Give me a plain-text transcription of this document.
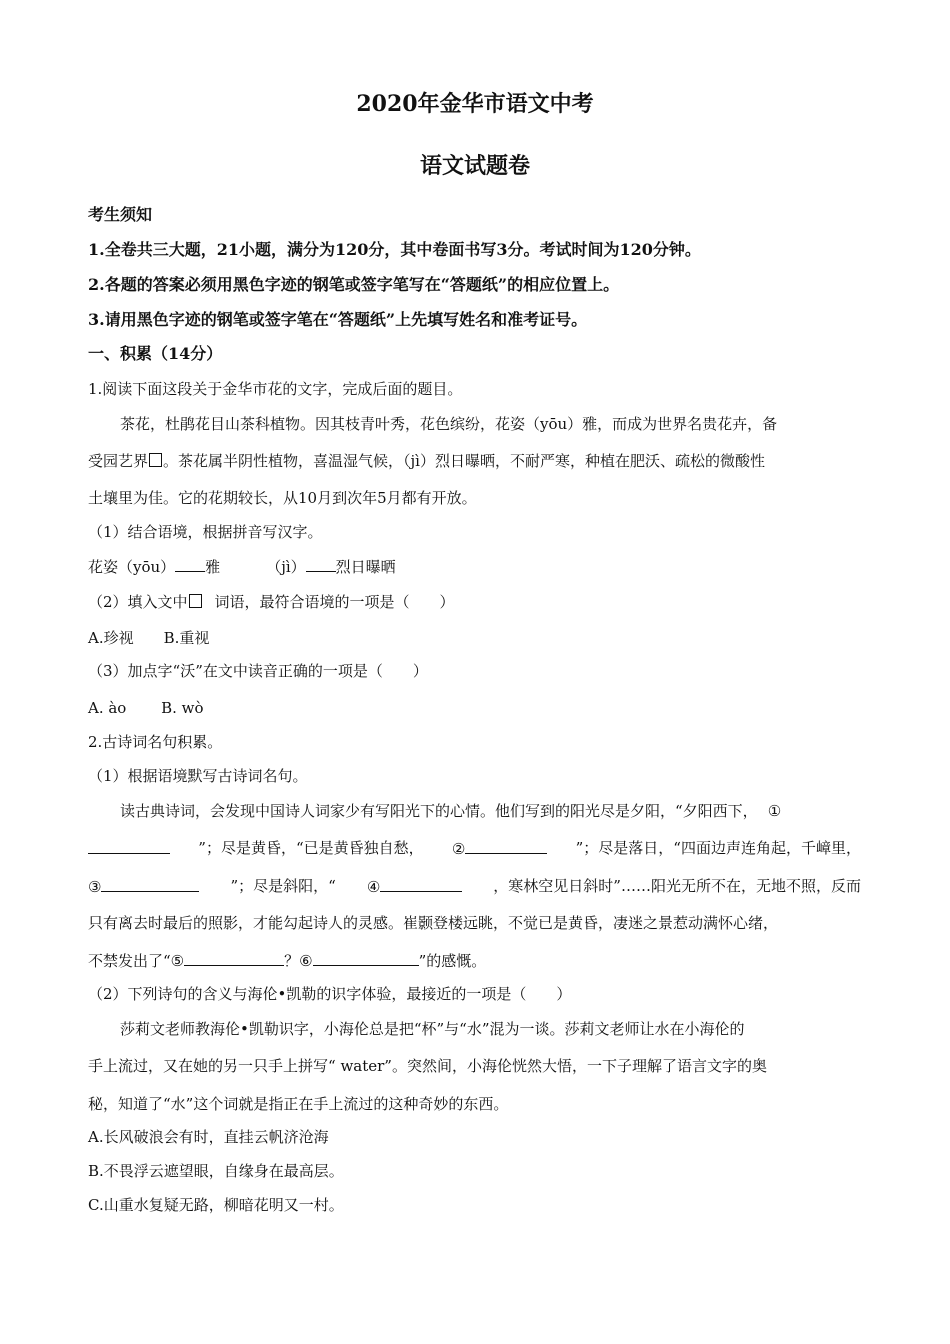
2020年金华市语文中考
语文试题卷
考生须知
1.全卷共三大题，21小题，满分为120分，其中卷面书写3分。考试时间为120分钟。
2.各题的答案必须用黑色字迹的钢笔或签字笔写在“答题纸”的相应位置上。
3.请用黑色字迹的钢笔或签字笔在“答题纸”上先填写姓名和准考证号。
一、积累（14分）
1.阅读下面这段关于金华市花的文字，完成后面的题目。
茶花，杜鹃花目山茶科植物。因其枝青叶秀，花色缤纷，花姿（yōu）雅，而成为世界名贵花卉，备
受园艺界 。茶花属半阴性植物，喜温湿气候，（jì）烈日曝晒，不耐严寒，种植在肥沃、疏松的微酸性
土壤里为佳。它的花期较长，从10月到次年5月都有开放。
（1）结合语境，根据拼音写汉字。
花姿（yōu） 雅	（jì） 烈日曝晒
（2）填入文中 词语，最符合语境的一项是（　　）
A.珍视　　B.重视
（3）加点字“沃”在文中读音正确的一项是（　　）
A. ào　　 B. wò
2.古诗词名句积累。
（1）根据语境默写古诗词名句。
读古典诗词，会发现中国诗人词家少有写阳光下的心情。他们写到的阳光尽是夕阳，“夕阳西下， ①
”；尽是黄昏，“已是黄昏独自愁， ②	”；尽是落日，“四面边声连角起，千嶂里，
③	”；尽是斜阳，“ ④	，寒林空见日斜时”……阳光无所不在，无地不照，反而
只有离去时最后的照影，才能勾起诗人的灵感。崔颢登楼远眺，不觉已是黄昏，凄迷之景惹动满怀心绪，
不禁发出了“⑤	？⑥	”的感慨。
（2）下列诗句的含义与海伦•凯勒的识字体验，最接近的一项是（　　）
莎莉文老师教海伦•凯勒识字，小海伦总是把“杯”与“水”混为一谈。莎莉文老师让水在小海伦的
手上流过，又在她的另一只手上拼写“ water”。突然间，小海伦恍然大悟，一下子理解了语言文字的奥
秘，知道了“水”这个词就是指正在手上流过的这种奇妙的东西。
A.长风破浪会有时，直挂云帆济沧海
B.不畏浮云遮望眼，自缘身在最高层。
C.山重水复疑无路，柳暗花明又一村。
